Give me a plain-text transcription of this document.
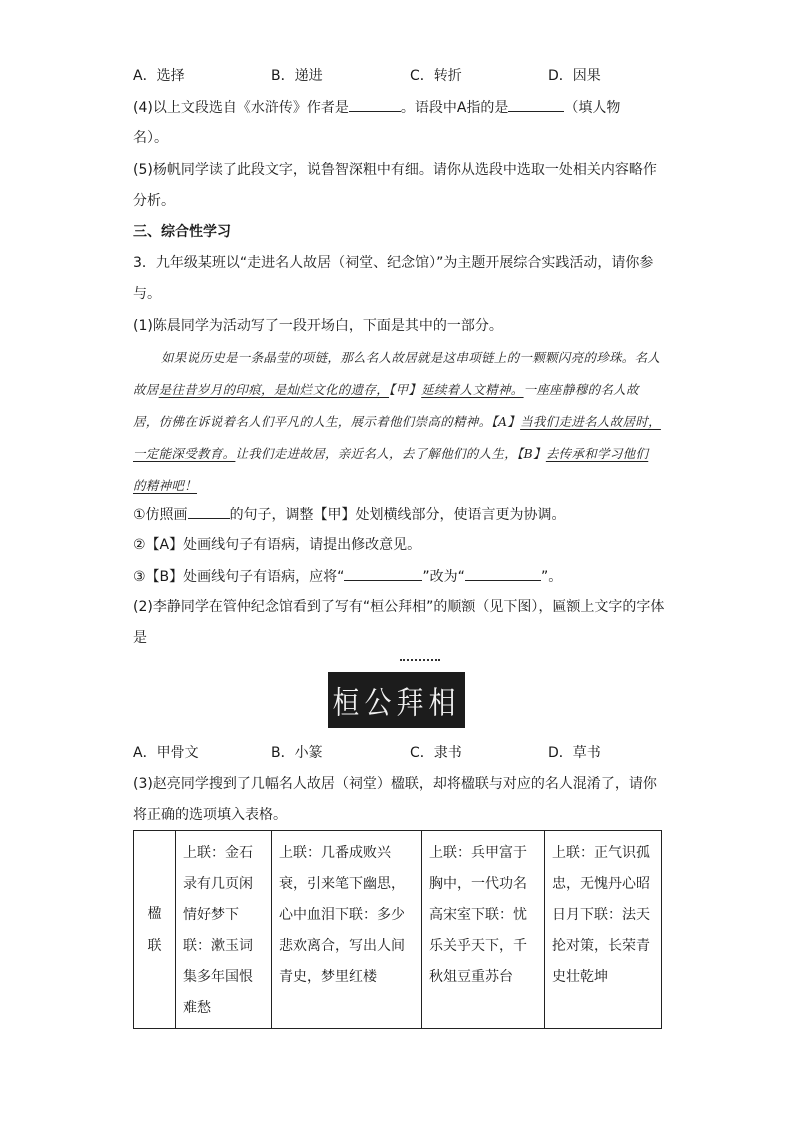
A．选择	B．递进	C．转折	D．因果
(4)以上文段选自《水浒传》作者是	。语段中A指的是	（填人物
名）。
(5)杨帆同学读了此段文字，说鲁智深粗中有细。请你从选段中选取一处相关内容略作
分析。
三、综合性学习
3．九年级某班以“走进名人故居（祠堂、纪念馆）”为主题开展综合实践活动，请你参
与。
(1)陈晨同学为活动写了一段开场白，下面是其中的一部分。
如果说历史是一条晶莹的项链，那么名人故居就是这串项链上的一颗颗闪亮的珍珠。名人故居是往昔岁月的印痕，是灿烂文化的遗存，【甲】延续着人文精神。一座座静穆的名人故居，仿佛在诉说着名人们平凡的人生，展示着他们崇高的精神。【A】当我们走进名人故居时，一定能深受教育。让我们走进故居，亲近名人，去了解他们的人生，【B】去传承和学习他们的精神吧！
①仿照画	的句子，调整【甲】处划横线部分，使语言更为协调。
②【A】处画线句子有语病，请提出修改意见。
③【B】处画线句子有语病，应将“	”改为“	”。
(2)李静同学在管仲纪念馆看到了写有“桓公拜相”的顺额（见下图），匾额上文字的字体
是
桓公拜相
A．甲骨文	B．小篆	C．隶书	D．草书
(3)赵亮同学搜到了几幅名人故居（祠堂）楹联，却将楹联与对应的名人混淆了，请你
将正确的选项填入表格。
楹
联
	上联：金石录有几页闲情好梦下联：漱玉词集多年国恨难愁	上联：几番成败兴衰，引来笔下幽思，心中血泪下联：多少悲欢离合，写出人间青史，梦里红楼	上联：兵甲富于胸中，一代功名高宋室下联：忧乐关乎天下，千秋俎豆重苏台	上联：正气识孤忠，无愧丹心昭日月下联：法天抡对策，长荣青史壮乾坤
